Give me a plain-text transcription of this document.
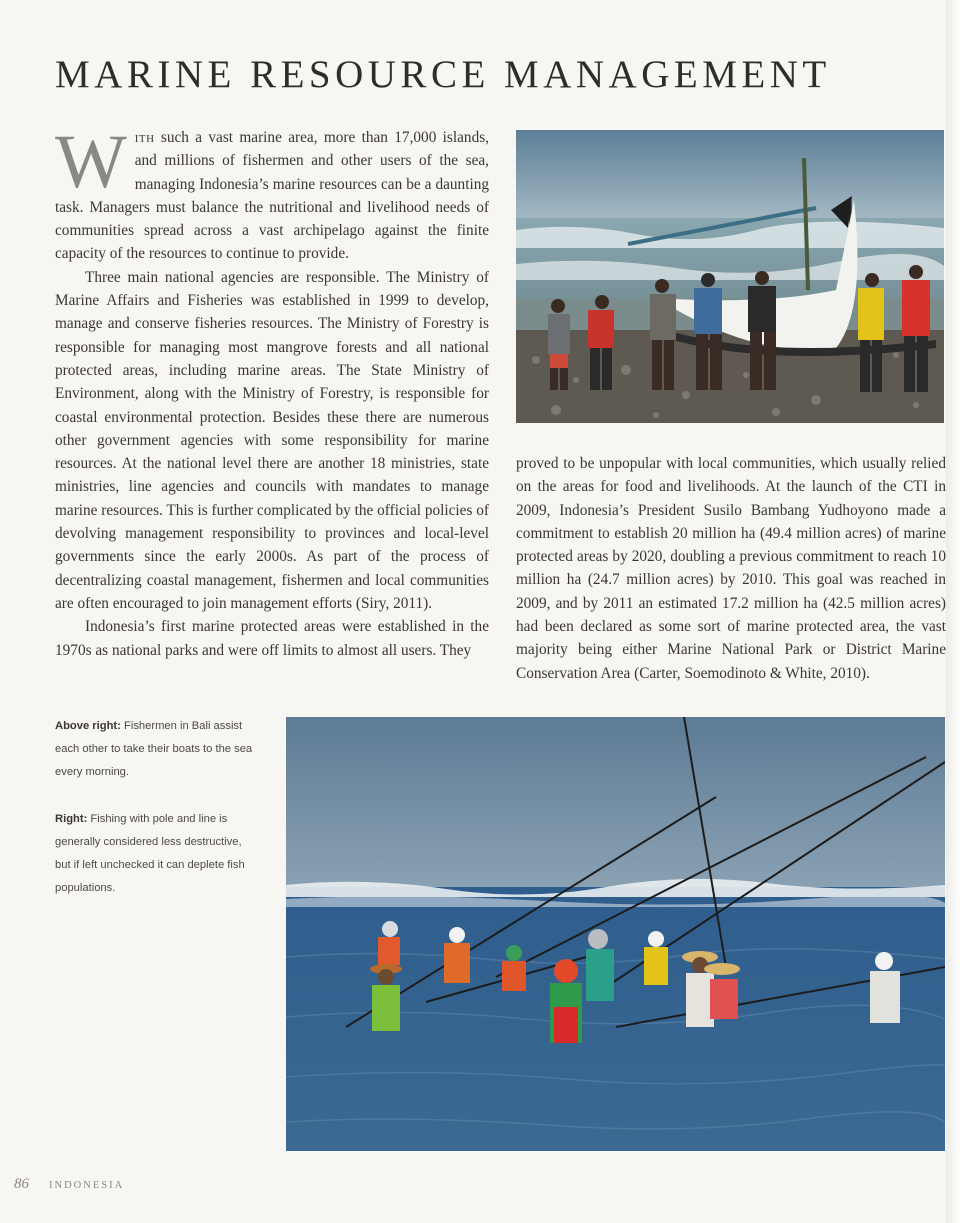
MARINE RESOURCE MANAGEMENT

With such a vast marine area, more than 17,000 islands, and millions of fishermen and other users of the sea, managing Indonesia’s marine resources can be a daunting task. Managers must balance the nutritional and livelihood needs of communities spread across a vast archipelago against the finite capacity of the resources to continue to provide.

Three main national agencies are responsible. The Ministry of Marine Affairs and Fisheries was established in 1999 to develop, manage and conserve fisheries resources. The Ministry of Forestry is responsible for managing most mangrove forests and all national protected areas, including marine areas. The State Ministry of Environment, along with the Ministry of Forestry, is responsible for coastal environmental protection. Besides these there are numerous other government agencies with some responsibility for marine resources. At the national level there are another 18 ministries, state ministries, line agencies and councils with mandates to manage marine resources. This is further complicated by the official policies of devolving management responsibility to provinces and local-level governments since the early 2000s. As part of the process of decentralizing coastal management, fishermen and local communities are often encouraged to join management efforts (Siry, 2011).

Indonesia’s first marine protected areas were established in the 1970s as national parks and were off limits to almost all users. They

proved to be unpopular with local communities, which usually relied on the areas for food and livelihoods. At the launch of the CTI in 2009, Indonesia’s President Susilo Bambang Yudhoyono made a commitment to establish 20 million ha (49.4 million acres) of marine protected areas by 2020, doubling a previous commitment to reach 10 million ha (24.7 million acres) by 2010. This goal was reached in 2009, and by 2011 an estimated 17.2 million ha (42.5 million acres) had been declared as some sort of marine protected area, the vast majority being either Marine National Park or District Marine Conservation Area (Carter, Soemodinoto & White, 2010).

Above right: Fishermen in Bali assist each other to take their boats to the sea every morning.
Right: Fishing with pole and line is generally considered less destructive, but if left unchecked it can deplete fish populations.
86 INDONESIA
